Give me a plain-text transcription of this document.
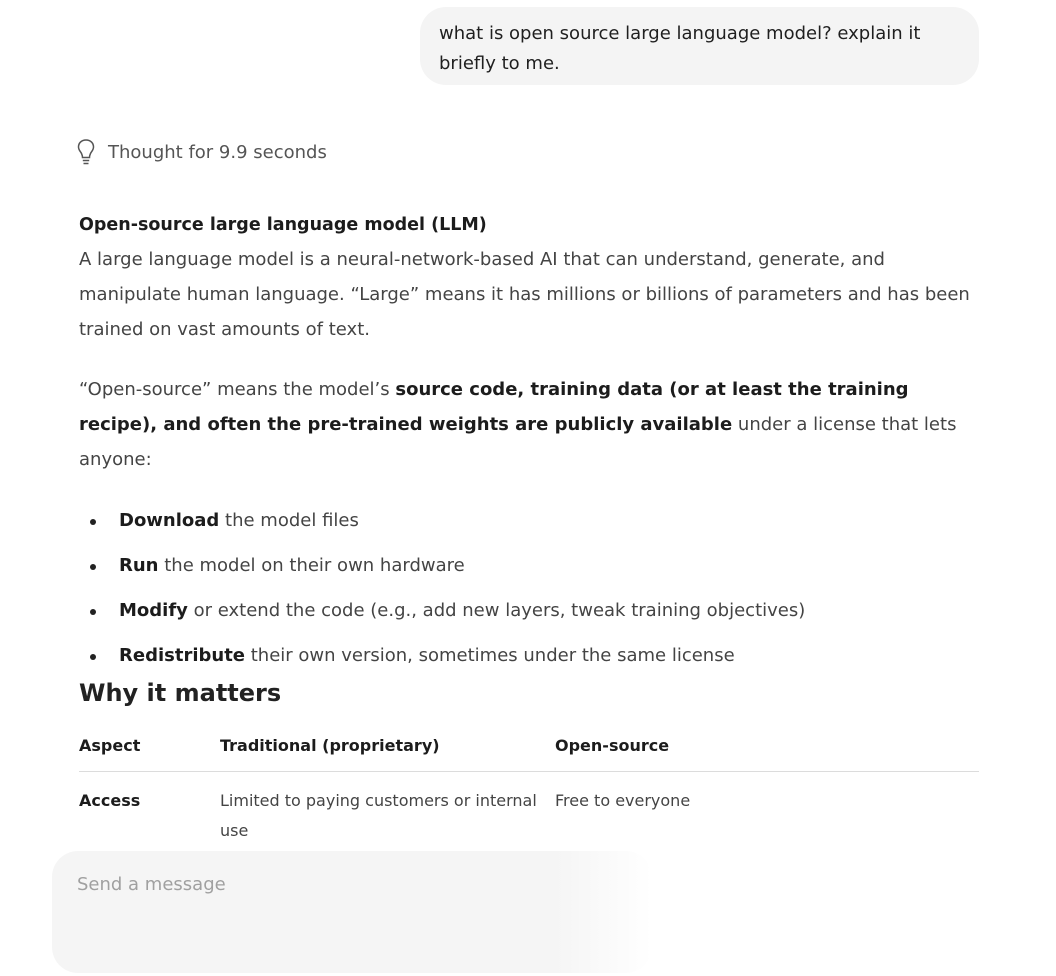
what is open source large language model? explain it briefly to me.
Thought for 9.9 seconds
Open-source large language model (LLM)
A large language model is a neural-network-based AI that can understand, generate, and manipulate human language. “Large” means it has millions or billions of parameters and has been trained on vast amounts of text.
“Open-source” means the model’s source code, training data (or at least the training recipe), and often the pre-trained weights are publicly available under a license that lets anyone:
Download the model files
Run the model on their own hardware
Modify or extend the code (e.g., add new layers, tweak training objectives)
Redistribute their own version, sometimes under the same license
Why it matters
Aspect	Traditional (proprietary)	Open-source
Access	Limited to paying customers or internal use	Free to everyone
Send a message
